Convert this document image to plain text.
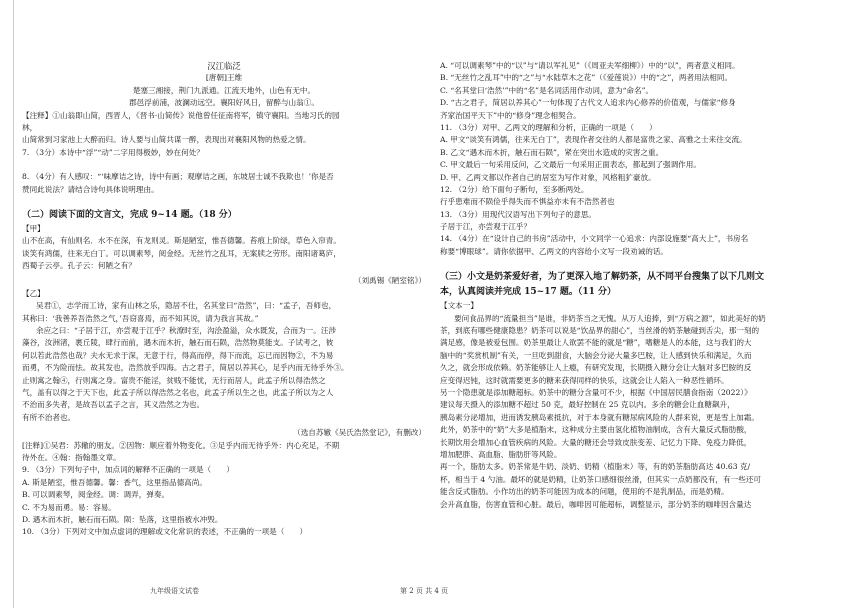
汉江临泛
[唐朝]王维
楚塞三湘接，荆门九派通。江流天地外，山色有无中。
郡邑浮前浦，波澜动远空。襄阳好风日，留醉与山翁①。
【注释】①山翁即山简，西晋人，《晋书·山简传》说他曾任征南将军，镇守襄阳。当地习氏的园
林，
山简常到习家池上大醉而归。诗人要与山简共谋一醉，表现出对襄阳风物的热爱之情。
7. （3分）本诗中“浮”“动”二字用得极妙，妙在何处？
8. （4分）有人感叹：“‘味摩诘之诗，诗中有画；观摩诘之画，东坡居士诚不我欺也！’你是否
赞同此说法？请结合诗句具体说明理由。
（二）阅读下面的文言文，完成 9~14 题。（18 分）
【甲】
山不在高，有仙则名．水不在深，有龙则灵。斯是陋室，惟吾德馨。苔痕上阶绿，草色入帘青。
谈笑有鸿儒，往来无白丁。可以调素琴，阅金经。无丝竹之乱耳，无案牍之劳形。南阳诸葛庐，
西蜀子云亭。孔子云：何陋之有？
（刘禹锡《陋室铭》）
【乙】
吴君①，志学而工诗，家有山林之乐，隐居不仕，名其堂曰“浩然”，曰：“孟子，吾师也，
其称曰：‘我善养吾浩然之气，’吾窃喜焉，而不知其说，请为我言其故。”
余应之曰：“子居于江，亦尝观于江乎？秋潦时至，沟浍盈溢，众水既发，合而为一。汪涉
藻谷，汝洲渚，裹丘陵，肆行而前，遇木而木折，触石而石陨，浩然物莫能支。子试考之，彼
何以若此浩然也哉？夫水无求于深，无意于行，得高而停，得下而流，忘已而因物②，不为易
而勇，不为险而怯。故其发也，浩然放乎四海。古之君子，简居以养其心，足乎内而无待乎外③。
止则寓之翰④，行则寓之身。富贵不能淫，贫贱不能忧，无行而居人，此孟子所以得浩然之
气，盖有以得之于天下也，此孟子所以得浩然之名也，此孟子所以生之也，此孟子所以为之人
不治而多失者，是故吾以孟子之言，其义浩然之为也。
有所不治者也。
（选自苏辙《吴氏浩然堂记》，有删改）
[注释]①吴君：苏辙的朋友。②因物：顺应着外物变化。③足乎内而无待乎外：内心充足，不期
待外在。④翰：指翰墨文章。
9. （3分）下列句子中，加点词的解释不正确的一项是（　　）
A. 斯是陋室，惟吾德馨。馨：香气，这里指品德高尚。
B. 可以调素琴，阅金经。调：调弄，弹奏。
C. 不为易而勇。易：容易。
D. 遇木而木折，触石而石陨。陨：坠落，这里指被水冲毁。
10. （3分）下列对文中加点虚词的理解或文化常识的表述，不正确的一项是（　　）
A. “可以调素琴”中的“以”与“请以军礼见”（《周亚夫军细柳》）中的“以”，两者意义相同。
B. “无丝竹之乱耳”中的“之”与“水陆草木之花”（《爱莲说》）中的“之”，两者用法相同。
C. “名其堂曰‘浩然’”中的“名”是名词活用作动词，意为“命名”。
D. “古之君子，简居以养其心”一句体现了古代文人追求内心修养的价值观，与儒家“修身
齐家治国平天下”中的“修身”理念相契合。
11. （3分）对甲、乙两文的理解和分析，正确的一项是（　　）
A. 甲文“谈笑有鸿儒，往来无白丁”，表现作者交往的人都是富贵之家、高雅之士来往交流。
B. 乙文“遇木而木折，触石而石陨”，紧在突出水造成的灾害之重。
C. 甲文最后一句采用反问，乙文最后一句采用正面表态，都起到了强调作用。
D. 甲、乙两文都以作者自己的居室为写作对象，风格粗犷豪放。
12. （2分）给下面句子断句，至多断两处。
行乎患难而不陨俭乎得失而不惧益亦未有不浩然者也
13. （3分）用现代汉语写出下列句子的意思。
子居于江，亦尝观于江乎？
14. （4分）在“设计自己的书房”活动中，小文同学一心追求：内部设施要“高大上”，书房名
称要“博眼球”。请你依据甲、乙两文的内容给小文写一段劝诫的话。
（三）小文是奶茶爱好者，为了更深入地了解奶茶，从不同平台搜集了以下几则文
本，认真阅读并完成 15~17 题。（11 分）
【文本一】
要问食品界的“流量担当”是谁，非奶茶当之无愧。从万人追捧，到“万病之源”，如此美好的奶
茶，到底有哪些健康隐患？奶茶可以说是“饮品界的甜心”，当丝滑的奶茶触碰到舌尖，那一刻的
满足感，像是被爱包围。奶茶里最让人欲罢不能的就是“糖”，嗜糖是人的本能，这与我们的大
脑中的“奖赏机制”有关，一旦吃到甜食，大脑会分泌大量多巴胺，让人感到快乐和满足，久而
久之，就会形成依赖。奶茶能够让人上瘾，有研究发现，长期摄入糖分会让大脑对多巴胺的反
应变得迟钝，这时就需要更多的糖来获得同样的快乐，这就会让人陷入一种恶性循环。
另一个隐患就是添加糖超标。奶茶中的糖分含量可不少，根据《中国居民膳食指南（2022）》
建议每天摄入的添加糖不超过 50 克，最好控制在 25 克以内。多余的糖会让血糖飙升，
胰岛素分泌增加，进而诱发胰岛素抵抗，对于本身就有糖尿病风险的人群来说，更是雪上加霜。
此外，奶茶中的“奶”大多是植脂末，这种成分主要由氢化植物油制成，含有大量反式脂肪酸，
长期饮用会增加心血管疾病的风险。大量的糖还会导致皮肤变差、记忆力下降、免疫力降低，
增加肥胖、高血脂、脂肪肝等风险。
再一个，脂肪太多。奶茶常是牛奶、淡奶、奶精（植脂末）等，有的奶茶脂肪高达 40.63 克/
杯，相当于 4 勺油。最坏的就是奶精，让奶茶口感细很丝滑，但其实一点奶都没有，有一些还可
能含反式脂肪。小作坊出的奶茶可能因为成本的问题，使用的不是乳制品，而是奶精。
会升高血脂，伤害血管和心脏。最后，咖啡因可能超标，调整显示，部分奶茶的咖啡因含量达
九年级语文试卷	第 2 页 共 4 页
